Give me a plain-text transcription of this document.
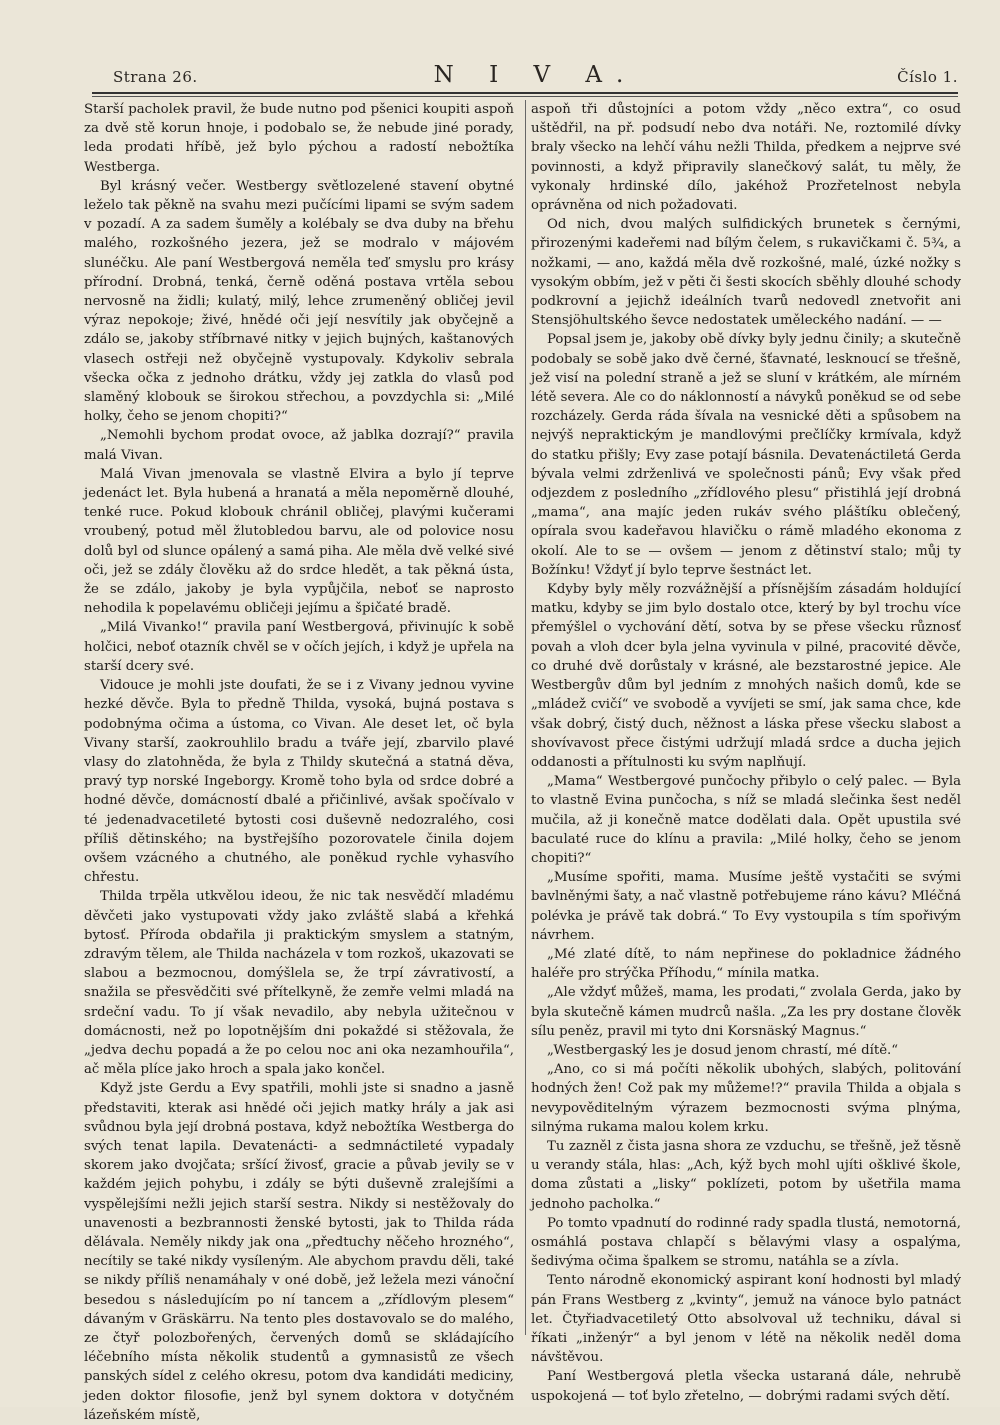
Strana 26.	N I V A.	Číslo 1.

Starší pacholek pravil, že bude nutno pod pšenici koupiti aspoň za dvě stě korun hnoje, i podobalo se, že nebude jiné porady, leda prodati hříbě, jež bylo pýchou a radostí nebožtíka Westberga.

Byl krásný večer. Westbergy světlozelené stavení obytné leželo tak pěkně na svahu mezi pučícími lipami se svým sadem v pozadí. A za sadem šuměly a kolébaly se dva duby na břehu malého, rozkošného jezera, jež se modralo v májovém slunéčku. Ale paní Westbergová neměla teď smyslu pro krásy přírodní. Drobná, tenká, černě oděná postava vrtěla sebou nervosně na židli; kulatý, milý, lehce zrumeněný obličej jevil výraz nepokoje; živé, hnědé oči její nesvítily jak obyčejně a zdálo se, jakoby stříbrnavé nitky v jejich bujných, kaštanových vlasech ostřeji než obyčejně vystupovaly. Kdykoliv sebrala všecka očka z jednoho drátku, vždy jej zatkla do vlasů pod slaměný klobouk se širokou střechou, a povzdychla si: „Milé holky, čeho se jenom chopiti?“

„Nemohli bychom prodat ovoce, až jablka dozrají?“ pravila malá Vivan.

Malá Vivan jmenovala se vlastně Elvira a bylo jí teprve jedenáct let. Byla hubená a hranatá a měla nepoměrně dlouhé, tenké ruce. Pokud klobouk chránil obličej, plavými kučerami vroubený, potud měl žlutobledou barvu, ale od polovice nosu dolů byl od slunce opálený a samá piha. Ale měla dvě velké sivé oči, jež se zdály člověku až do srdce hledět, a tak pěkná ústa, že se zdálo, jakoby je byla vypůjčila, neboť se naprosto nehodila k popelavému obličeji jejímu a špičaté bradě.

„Milá Vivanko!“ pravila paní Westbergová, přivinujíc k sobě holčici, neboť otazník chvěl se v očích jejích, i když je upřela na starší dcery své.

Vidouce je mohli jste doufati, že se i z Vivany jednou vyvine hezké děvče. Byla to předně Thilda, vysoká, bujná postava s podobnýma očima a ústoma, co Vivan. Ale deset let, oč byla Vivany starší, zaokrouhlilo bradu a tváře její, zbarvilo plavé vlasy do zlatohněda, že byla z Thildy skutečná a statná děva, pravý typ norské Ingeborgy. Kromě toho byla od srdce dobré a hodné děvče, domácností dbalé a přičinlivé, avšak spočívalo v té jedenadvacetileté bytosti cosi duševně nedozralého, cosi příliš dětinského; na bystřejšího pozorovatele činila dojem ovšem vzácného a chutného, ale poněkud rychle vyhasvího chřestu.

Thilda trpěla utkvělou ideou, že nic tak nesvědčí mladému děvčeti jako vystupovati vždy jako zvláště slabá a křehká bytosť. Příroda obdařila ji praktickým smyslem a statným, zdravým tělem, ale Thilda nacházela v tom rozkoš, ukazovati se slabou a bezmocnou, domýšlela se, že trpí závrativostí, a snažila se přesvědčiti své přítelkyně, že zemře velmi mladá na srdeční vadu. To jí však nevadilo, aby nebyla užitečnou v domácnosti, než po lopotnějším dni pokaždé si stěžovala, že „jedva dechu popadá a že po celou noc ani oka nezamhouřila“, ač měla plíce jako hroch a spala jako končel.

Když jste Gerdu a Evy spatřili, mohli jste si snadno a jasně představiti, kterak asi hnědé oči jejich matky hrály a jak asi svůdnou byla její drobná postava, když nebožtíka Westberga do svých tenat lapila. Devatenácti- a sedmnáctileté vypadaly skorem jako dvojčata; sršící živosť, gracie a půvab jevily se v každém jejich pohybu, i zdály se býti duševně zralejšími a vyspělejšími nežli jejich starší sestra. Nikdy si nestěžovaly do unavenosti a bezbrannosti ženské bytosti, jak to Thilda ráda dělávala. Neměly nikdy jak ona „předtuchy něčeho hrozného“, necítily se také nikdy vysíleným. Ale abychom pravdu děli, také se nikdy příliš nenamáhaly v oné době, jež ležela mezi vánoční besedou s následujícím po ní tancem a „zřídlovým plesem“ dávaným v Gräskärru. Na tento ples dostavovalo se do malého, ze čtyř polozbořených, červených domů se skládajícího léčebního místa několik studentů a gymnasistů ze všech panských sídel z celého okresu, potom dva kandidáti mediciny, jeden doktor filosofie, jenž byl synem doktora v dotyčném lázeňském místě,

aspoň tři důstojníci a potom vždy „něco extra“, co osud uštědřil, na př. podsudí nebo dva notáři. Ne, roztomilé dívky braly všecko na lehčí váhu nežli Thilda, předkem a nejprve své povinnosti, a když připravily slanečkový salát, tu měly, že vykonaly hrdinské dílo, jakéhož Prozřetelnost nebyla oprávněna od nich požadovati.

Od nich, dvou malých sulfidických brunetek s černými, přirozenými kadeřemi nad bílým čelem, s rukavičkami č. 5¾, a nožkami, — ano, každá měla dvě rozkošné, malé, úzké nožky s vysokým obbím, jež v pěti či šesti skocích sběhly dlouhé schody podkrovní a jejichž ideálních tvarů nedovedl znetvořit ani Stensjöhultského ševce nedostatek uměleckého nadání. — —

Popsal jsem je, jakoby obě dívky byly jednu činily; a skutečně podobaly se sobě jako dvě černé, šťavnaté, lesknoucí se třešně, jež visí na polední straně a jež se sluní v krátkém, ale mírném létě severa. Ale co do náklonností a návyků poněkud se od sebe rozcházely. Gerda ráda šívala na vesnické děti a spůsobem na nejvýš nepraktickým je mandlovými prečlíčky krmívala, když do statku přišly; Evy zase potají básnila. Devatenáctiletá Gerda bývala velmi zdrženlivá ve společnosti pánů; Evy však před odjezdem z posledního „zřídlového plesu“ přistihlá její drobná „mama“, ana majíc jeden rukáv svého pláštíku oblečený, opírala svou kadeřavou hlavičku o rámě mladého ekonoma z okolí. Ale to se — ovšem — jenom z dětinství stalo; můj ty Božínku! Vždyť jí bylo teprve šestnáct let.

Kdyby byly měly rozvážnější a přísnějším zásadám holdující matku, kdyby se jim bylo dostalo otce, který by byl trochu více přemýšlel o vychování dětí, sotva by se přese všecku různosť povah a vloh dcer byla jelna vyvinula v pilné, pracovité děvče, co druhé dvě dorůstaly v krásné, ale bezstarostné jepice. Ale Westbergův dům byl jedním z mnohých našich domů, kde se „mládež cvičí“ ve svobodě a vyvíjeti se smí, jak sama chce, kde však dobrý, čistý duch, něžnost a láska přese všecku slabost a shovívavost přece čistými udržují mladá srdce a ducha jejich oddanosti a přítulnosti ku svým naplňují.

„Mama“ Westbergové punčochy přibylo o celý palec. — Byla to vlastně Evina punčocha, s níž se mladá slečinka šest neděl mučila, až ji konečně matce dodělati dala. Opět upustila své baculaté ruce do klínu a pravila: „Milé holky, čeho se jenom chopiti?“

„Musíme spořiti, mama. Musíme ještě vystačiti se svými bavlněnými šaty, a nač vlastně potřebujeme ráno kávu? Mléčná polévka je právě tak dobrá.“ To Evy vystoupila s tím spořivým návrhem.

„Mé zlaté dítě, to nám nepřinese do pokladnice žádného haléře pro strýčka Příhodu,“ mínila matka.

„Ale vždyť můžeš, mama, les prodati,“ zvolala Gerda, jako by byla skutečně kámen mudrců našla. „Za les pry dostane člověk sílu peněz, pravil mi tyto dni Korsnäský Magnus.“

„Westbergaský les je dosud jenom chrastí, mé dítě.“

„Ano, co si má počíti několik ubohých, slabých, politování hodných žen! Což pak my můžeme!?“ pravila Thilda a objala s nevypověditelným výrazem bezmocnosti svýma plnýma, silnýma rukama malou kolem krku.

Tu zazněl z čista jasna shora ze vzduchu, se třešně, jež těsně u verandy stála, hlas: „Ach, kýž bych mohl ujíti ošklivé škole, doma zůstati a „lisky“ poklízeti, potom by ušetřila mama jednoho pacholka.“

Po tomto vpadnutí do rodinné rady spadla tlustá, nemotorná, osmáhlá postava chlapčí s bělavými vlasy a ospalýma, šedivýma očima špalkem se stromu, natáhla se a zívla.

Tento národně ekonomický aspirant koní hodnosti byl mladý pán Frans Westberg z „kvinty“, jemuž na vánoce bylo patnáct let. Čtyřiadvacetiletý Otto absolvoval už techniku, dával si říkati „inženýr“ a byl jenom v létě na několik neděl doma návštěvou.

Paní Westbergová pletla všecka ustaraná dále, nehrubě uspokojená — toť bylo zřetelno, — dobrými radami svých dětí.
